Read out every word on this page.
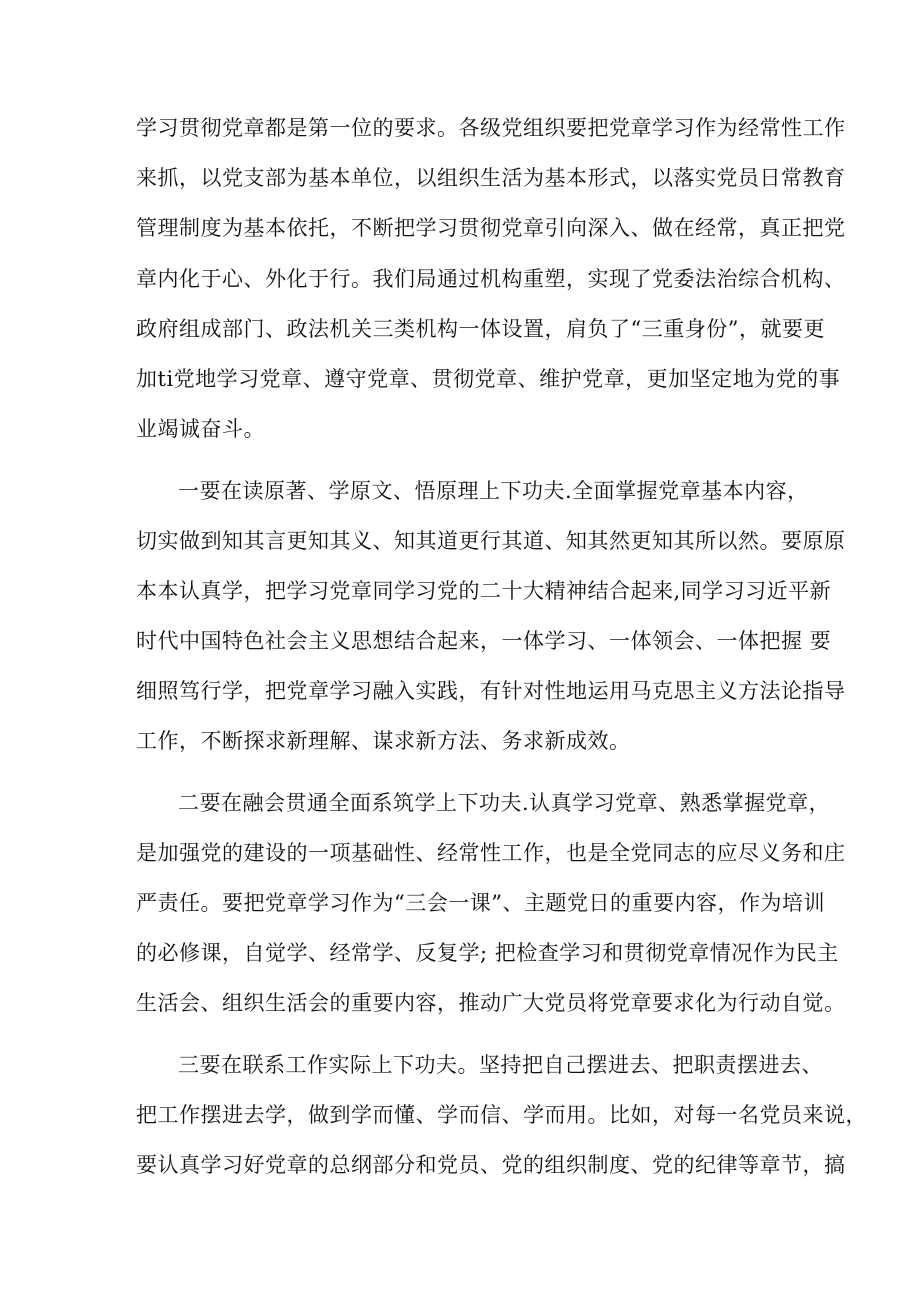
学习贯彻党章都是第一位的要求。各级党组织要把党章学习作为经常性工作
来抓，以党支部为基本单位，以组织生活为基本形式，以落实党员日常教育
管理制度为基本依托，不断把学习贯彻党章引向深入、做在经常，真正把党
章内化于心、外化于行。我们局通过机构重塑，实现了党委法治综合机构、
政府组成部门、政法机关三类机构一体设置，肩负了“三重身份”，就要更
加ti党地学习党章、遵守党章、贯彻党章、维护党章，更加坚定地为党的事
业竭诚奋斗。
一要在读原著、学原文、悟原理上下功夫.全面掌握党章基本内容，
切实做到知其言更知其义、知其道更行其道、知其然更知其所以然。要原原
本本认真学，把学习党章同学习党的二十大精神结合起来,同学习习近平新
时代中国特色社会主义思想结合起来，一体学习、一体领会、一体把握 要
细照笃行学，把党章学习融入实践，有针对性地运用马克思主义方法论指导
工作，不断探求新理解、谋求新方法、务求新成效。
二要在融会贯通全面系筑学上下功夫.认真学习党章、熟悉掌握党章，
是加强党的建设的一项基础性、经常性工作，也是全党同志的应尽义务和庄
严责任。要把党章学习作为“三会一课”、主题党日的重要内容，作为培训
的必修课，自觉学、经常学、反复学; 把检查学习和贯彻党章情况作为民主
生活会、组织生活会的重要内容，推动广大党员将党章要求化为行动自觉。
三要在联系工作实际上下功夫。坚持把自己摆进去、把职责摆进去、
把工作摆进去学，做到学而懂、学而信、学而用。比如，对每一名党员来说，
要认真学习好党章的总纲部分和党员、党的组织制度、党的纪律等章节，搞
